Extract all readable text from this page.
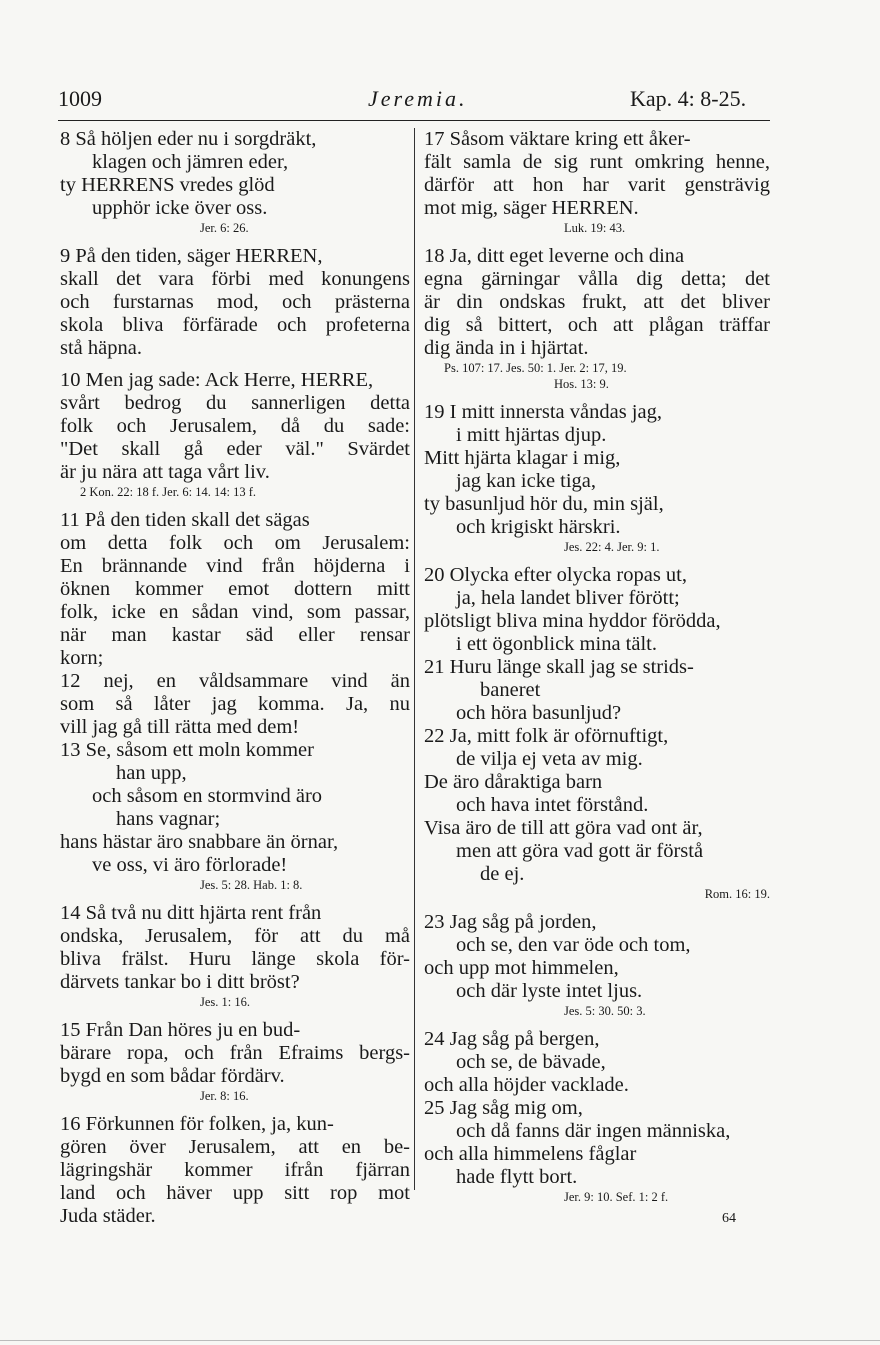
1009	Jeremia.	Kap. 4: 8-25.
8 Så höljen eder nu i sorgdräkt,
klagen och jämren eder,
ty HERRENS vredes glöd
upphör icke över oss.
Jer. 6: 26.
9 På den tiden, säger HERREN,
skall det vara förbi med konungens
och furstarnas mod, och prästerna
skola bliva förfärade och profeterna
stå häpna.
10 Men jag sade: Ack Herre, HERRE,
svårt bedrog du sannerligen detta
folk och Jerusalem, då du sade:
"Det skall gå eder väl." Svärdet
är ju nära att taga vårt liv.
2 Kon. 22: 18 f. Jer. 6: 14. 14: 13 f.
11 På den tiden skall det sägas
om detta folk och om Jerusalem:
En brännande vind från höjderna i
öknen kommer emot dottern mitt
folk, icke en sådan vind, som passar,
när man kastar säd eller rensar
korn;
12 nej, en våldsammare vind än
som så låter jag komma. Ja, nu
vill jag gå till rätta med dem!
13 Se, såsom ett moln kommer
han upp,
och såsom en stormvind äro
hans vagnar;
hans hästar äro snabbare än örnar,
ve oss, vi äro förlorade!
Jes. 5: 28. Hab. 1: 8.
14 Så två nu ditt hjärta rent från
ondska, Jerusalem, för att du må
bliva frälst. Huru länge skola för-
därvets tankar bo i ditt bröst?
Jes. 1: 16.
15 Från Dan höres ju en bud-
bärare ropa, och från Efraims bergs-
bygd en som bådar fördärv.
Jer. 8: 16.
16 Förkunnen för folken, ja, kun-
gören över Jerusalem, att en be-
lägringshär kommer ifrån fjärran
land och häver upp sitt rop mot
Juda städer.
17 Såsom väktare kring ett åker-
fält samla de sig runt omkring henne,
därför att hon har varit gensträvig
mot mig, säger HERREN.
Luk. 19: 43.
18 Ja, ditt eget leverne och dina
egna gärningar vålla dig detta; det
är din ondskas frukt, att det bliver
dig så bittert, och att plågan träffar
dig ända in i hjärtat.
Ps. 107: 17. Jes. 50: 1. Jer. 2: 17, 19.
Hos. 13: 9.
19 I mitt innersta våndas jag,
i mitt hjärtas djup.
Mitt hjärta klagar i mig,
jag kan icke tiga,
ty basunljud hör du, min själ,
och krigiskt härskri.
Jes. 22: 4. Jer. 9: 1.
20 Olycka efter olycka ropas ut,
ja, hela landet bliver förött;
plötsligt bliva mina hyddor förödda,
i ett ögonblick mina tält.
21 Huru länge skall jag se strids-
baneret
och höra basunljud?
22 Ja, mitt folk är oförnuftigt,
de vilja ej veta av mig.
De äro dåraktiga barn
och hava intet förstånd.
Visa äro de till att göra vad ont är,
men att göra vad gott är förstå
de ej.
Rom. 16: 19.
23 Jag såg på jorden,
och se, den var öde och tom,
och upp mot himmelen,
och där lyste intet ljus.
Jes. 5: 30. 50: 3.
24 Jag såg på bergen,
och se, de bävade,
och alla höjder vacklade.
25 Jag såg mig om,
och då fanns där ingen människa,
och alla himmelens fåglar
hade flytt bort.
Jer. 9: 10. Sef. 1: 2 f.
64
